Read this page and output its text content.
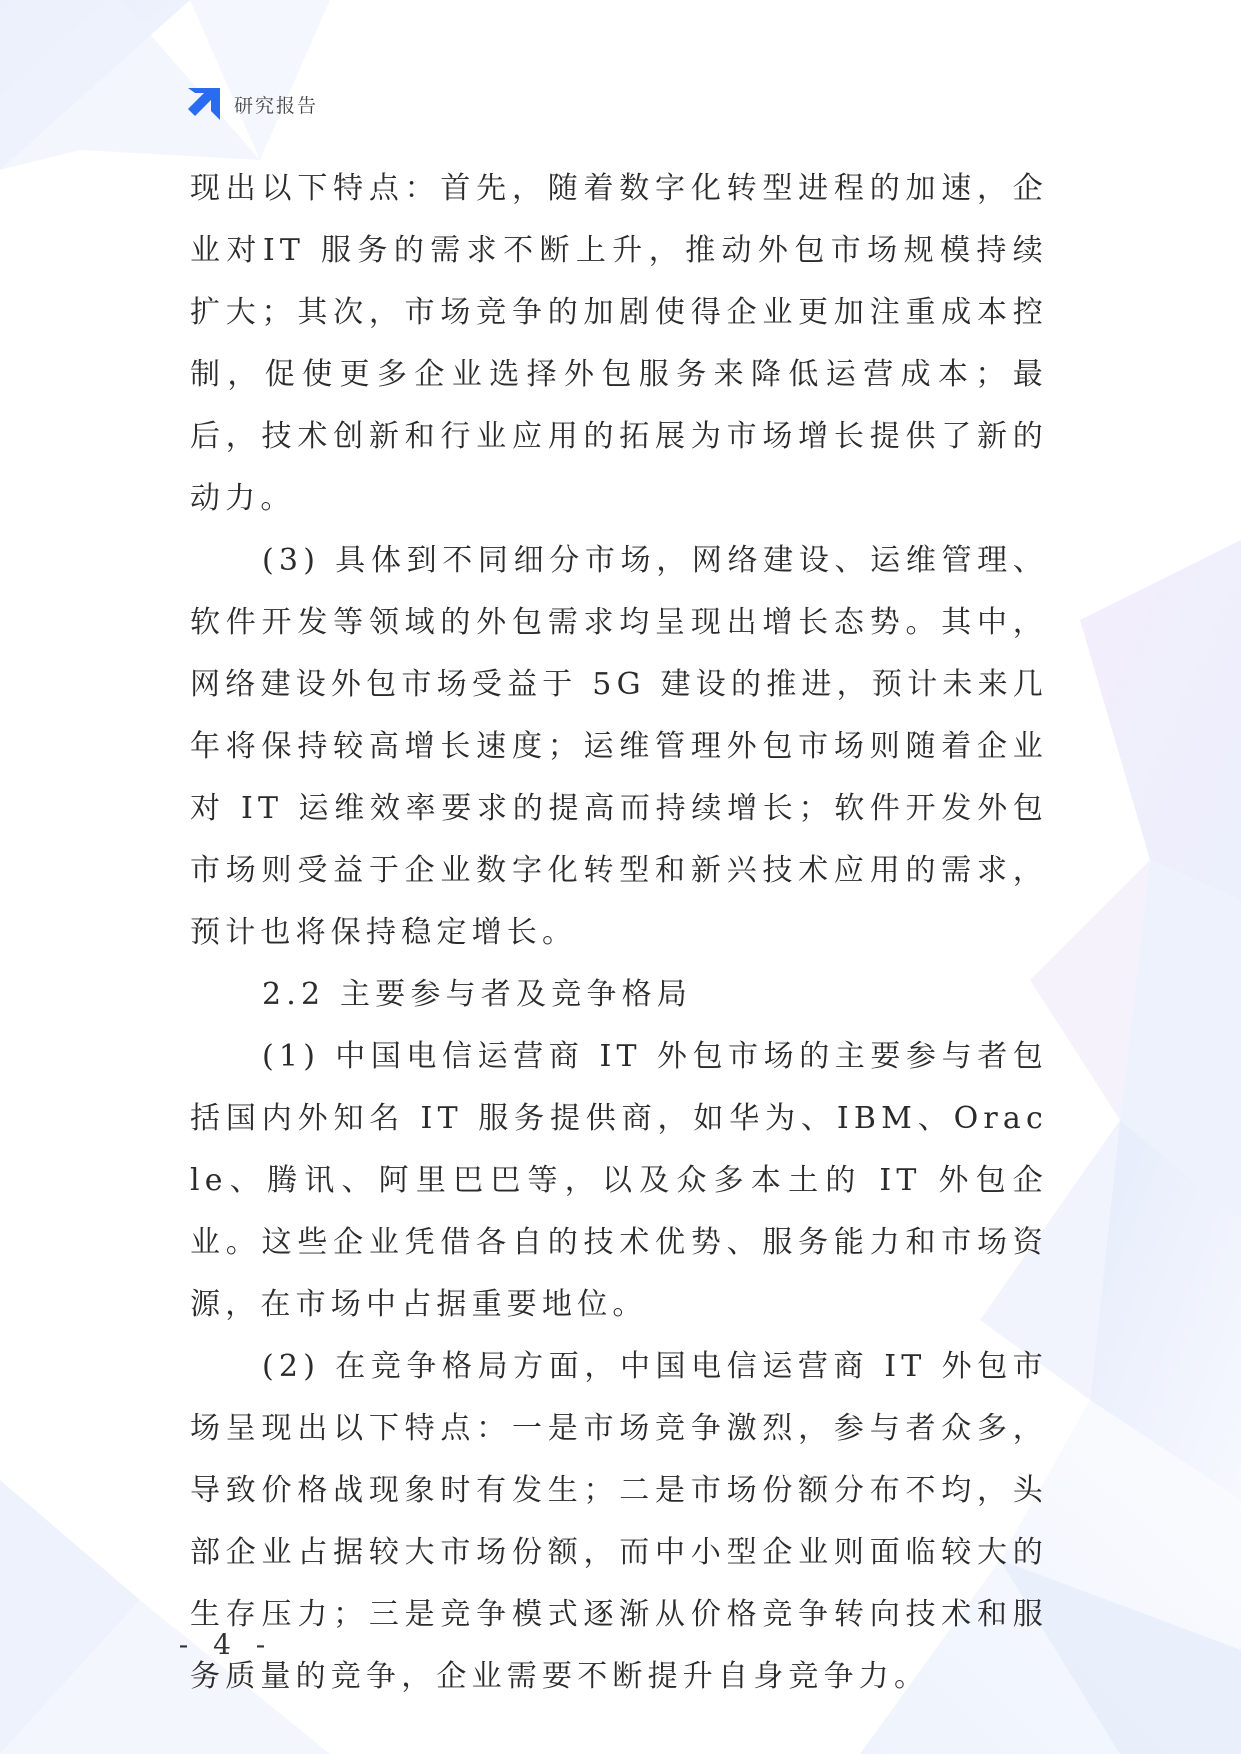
研究报告

现出以下特点：首先，随着数字化转型进程的加速，企业对IT 服务的需求不断上升，推动外包市场规模持续扩大；其次，市场竞争的加剧使得企业更加注重成本控制，促使更多企业选择外包服务来降低运营成本；最后，技术创新和行业应用的拓展为市场增长提供了新的动力。

(3) 具体到不同细分市场，网络建设、运维管理、软件开发等领域的外包需求均呈现出增长态势。其中，网络建设外包市场受益于 5G 建设的推进，预计未来几年将保持较高增长速度；运维管理外包市场则随着企业对 IT 运维效率要求的提高而持续增长；软件开发外包市场则受益于企业数字化转型和新兴技术应用的需求，预计也将保持稳定增长。

2.2 主要参与者及竞争格局

(1) 中国电信运营商 IT 外包市场的主要参与者包括国内外知名 IT 服务提供商，如华为、IBM、Oracle、腾讯、阿里巴巴等，以及众多本土的 IT 外包企业。这些企业凭借各自的技术优势、服务能力和市场资源，在市场中占据重要地位。

(2) 在竞争格局方面，中国电信运营商 IT 外包市场呈现出以下特点：一是市场竞争激烈，参与者众多，导致价格战现象时有发生；二是市场份额分布不均，头部企业占据较大市场份额，而中小型企业则面临较大的生存压力；三是竞争模式逐渐从价格竞争转向技术和服务质量的竞争，企业需要不断提升自身竞争力。

- 4 -
